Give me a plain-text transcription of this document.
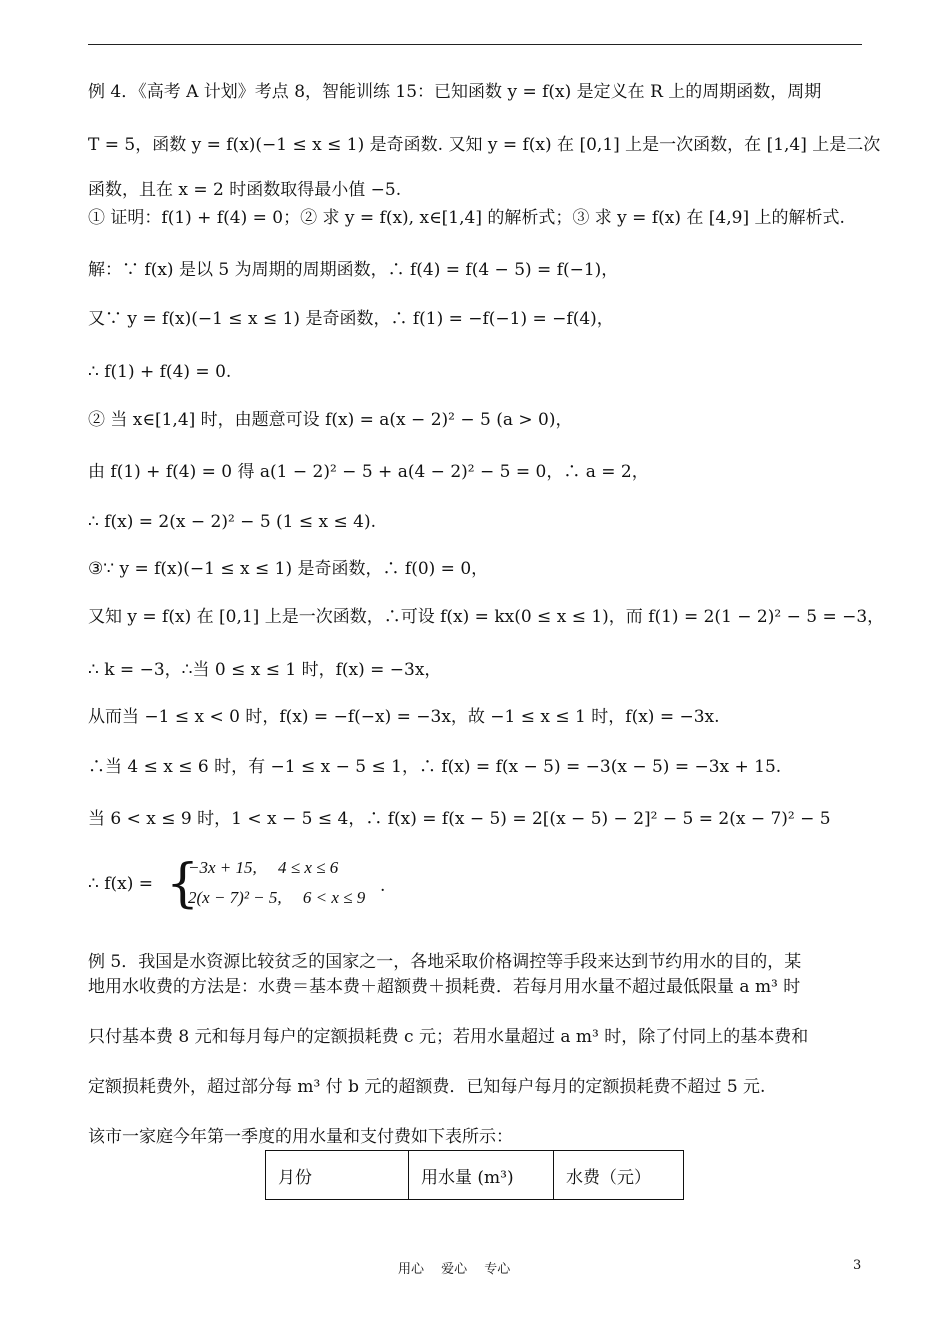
例 4．《高考 A 计划》考点 8，智能训练 15：已知函数 y = f(x) 是定义在 R 上的周期函数，周期
T = 5，函数 y = f(x)(−1 ≤ x ≤ 1) 是奇函数. 又知 y = f(x) 在 [0,1] 上是一次函数，在 [1,4] 上是二次
函数，且在 x = 2 时函数取得最小值 −5.
① 证明：f(1) + f(4) = 0；② 求 y = f(x), x∈[1,4] 的解析式；③ 求 y = f(x) 在 [4,9] 上的解析式.
解：∵ f(x) 是以 5 为周期的周期函数，∴ f(4) = f(4 − 5) = f(−1)，
又∵ y = f(x)(−1 ≤ x ≤ 1) 是奇函数，∴ f(1) = −f(−1) = −f(4)，
∴ f(1) + f(4) = 0.
② 当 x∈[1,4] 时，由题意可设 f(x) = a(x − 2)² − 5 (a > 0)，
由 f(1) + f(4) = 0 得 a(1 − 2)² − 5 + a(4 − 2)² − 5 = 0，∴ a = 2，
∴ f(x) = 2(x − 2)² − 5 (1 ≤ x ≤ 4).
③∵ y = f(x)(−1 ≤ x ≤ 1) 是奇函数，∴ f(0) = 0，
又知 y = f(x) 在 [0,1] 上是一次函数，∴可设 f(x) = kx(0 ≤ x ≤ 1)，而 f(1) = 2(1 − 2)² − 5 = −3，
∴ k = −3，∴当 0 ≤ x ≤ 1 时，f(x) = −3x，
从而当 −1 ≤ x < 0 时，f(x) = −f(−x) = −3x，故 −1 ≤ x ≤ 1 时，f(x) = −3x.
∴当 4 ≤ x ≤ 6 时，有 −1 ≤ x − 5 ≤ 1，∴ f(x) = f(x − 5) = −3(x − 5) = −3x + 15.
当 6 < x ≤ 9 时，1 < x − 5 ≤ 4，∴ f(x) = f(x − 5) = 2[(x − 5) − 2]² − 5 = 2(x − 7)² − 5
例 5．我国是水资源比较贫乏的国家之一，各地采取价格调控等手段来达到节约用水的目的，某
地用水收费的方法是：水费＝基本费＋超额费＋损耗费．若每月用水量不超过最低限量 a m³ 时
只付基本费 8 元和每月每户的定额损耗费 c 元；若用水量超过 a m³ 时，除了付同上的基本费和
定额损耗费外，超过部分每 m³ 付 b 元的超额费．已知每户每月的定额损耗费不超过 5 元.
该市一家庭今年第一季度的用水量和支付费如下表所示：
∴ f(x) = {
−3x + 15,     4 ≤ x ≤ 6
2(x − 7)² − 5,     6 < x ≤ 9
.
月份	用水量 (m³)	水费（元）
用心　 爱心　 专心	3
